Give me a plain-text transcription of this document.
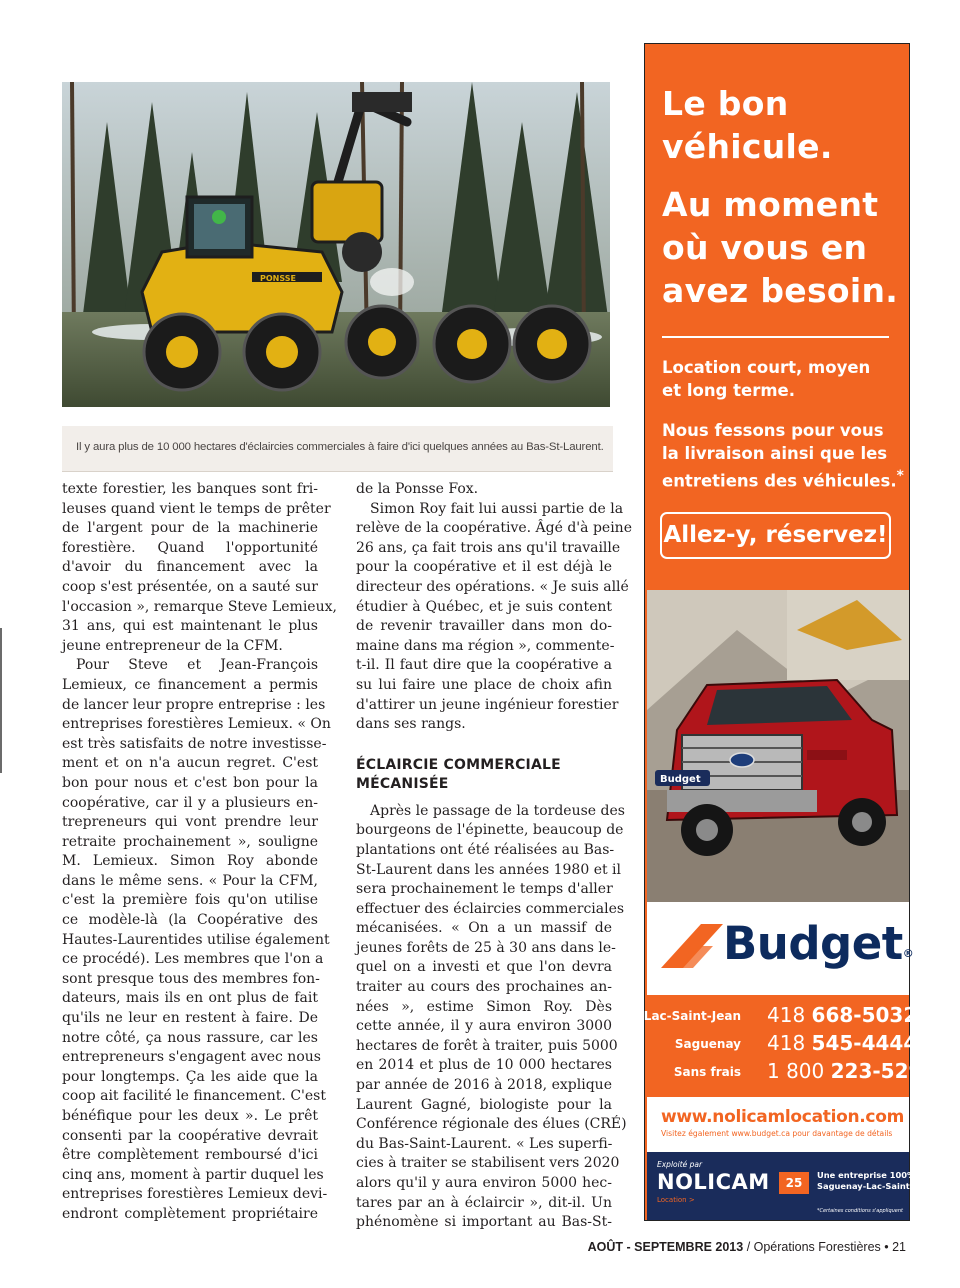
PONSSE
Il y aura plus de 10 000 hectares d'éclaircies commerciales à faire d'ici quelques années au Bas-St-Laurent.
texte forestier, les banques sont fri-
leuses quand vient le temps de prêter
de l'argent pour de la machinerie
forestière. Quand l'opportunité
d'avoir du financement avec la
coop s'est présentée, on a sauté sur
l'occasion », remarque Steve Lemieux,
31 ans, qui est maintenant le plus
jeune entrepreneur de la CFM.
Pour Steve et Jean-François
Lemieux, ce financement a permis
de lancer leur propre entreprise : les
entreprises forestières Lemieux. « On
est très satisfaits de notre investisse-
ment et on n'a aucun regret. C'est
bon pour nous et c'est bon pour la
coopérative, car il y a plusieurs en-
trepreneurs qui vont prendre leur
retraite prochainement », souligne
M. Lemieux. Simon Roy abonde
dans le même sens. « Pour la CFM,
c'est la première fois qu'on utilise
ce modèle-là (la Coopérative des
Hautes-Laurentides utilise également
ce procédé). Les membres que l'on a
sont presque tous des membres fon-
dateurs, mais ils en ont plus de fait
qu'ils ne leur en restent à faire. De
notre côté, ça nous rassure, car les
entrepreneurs s'engagent avec nous
pour longtemps. Ça les aide que la
coop ait facilité le financement. C'est
bénéfique pour les deux ». Le prêt
consenti par la coopérative devrait
être complètement remboursé d'ici
cinq ans, moment à partir duquel les
entreprises forestières Lemieux devi-
endront complètement propriétaire
de la Ponsse Fox.
Simon Roy fait lui aussi partie de la
relève de la coopérative. Âgé d'à peine
26 ans, ça fait trois ans qu'il travaille
pour la coopérative et il est déjà le
directeur des opérations. « Je suis allé
étudier à Québec, et je suis content
de revenir travailler dans mon do-
maine dans ma région », commente-
t-il. Il faut dire que la coopérative a
su lui faire une place de choix afin
d'attirer un jeune ingénieur forestier
dans ses rangs.
ÉCLAIRCIE COMMERCIALE
MÉCANISÉE
Après le passage de la tordeuse des
bourgeons de l'épinette, beaucoup de
plantations ont été réalisées au Bas-
St-Laurent dans les années 1980 et il
sera prochainement le temps d'aller
effectuer des éclaircies commerciales
mécanisées. « On a un massif de
jeunes forêts de 25 à 30 ans dans le-
quel on a investi et que l'on devra
traiter au cours des prochaines an-
nées », estime Simon Roy. Dès
cette année, il y aura environ 3000
hectares de forêt à traiter, puis 5000
en 2014 et plus de 10 000 hectares
par année de 2016 à 2018, explique
Laurent Gagné, biologiste pour la
Conférence régionale des élues (CRÉ)
du Bas-Saint-Laurent. « Les superfi-
cies à traiter se stabilisent vers 2020
alors qu'il y aura environ 5000 hec-
tares par an à éclaircir », dit-il. Un
phénomène si important au Bas-St-
Le bon
véhicule.
Au moment
où vous en
avez besoin.
Location court, moyen
et long terme.
Nous fessons pour vous
la livraison ainsi que les
entretiens des véhicules.*
Allez-y, réservez!
Budget
Budget®
Lac-Saint-Jean 418 668-5032
Saguenay 418 545-4444
Sans frais 1 800 223-5292
www.nolicamlocation.com
Visitez également www.budget.ca pour davantage de détails
Exploité par
NOLICAM
Location >
25
Une entreprise 100% du
Saguenay-Lac-Saint-Jean
*Certaines conditions s'appliquent
AOÛT - SEPTEMBRE 2013 / Opérations Forestières • 21
